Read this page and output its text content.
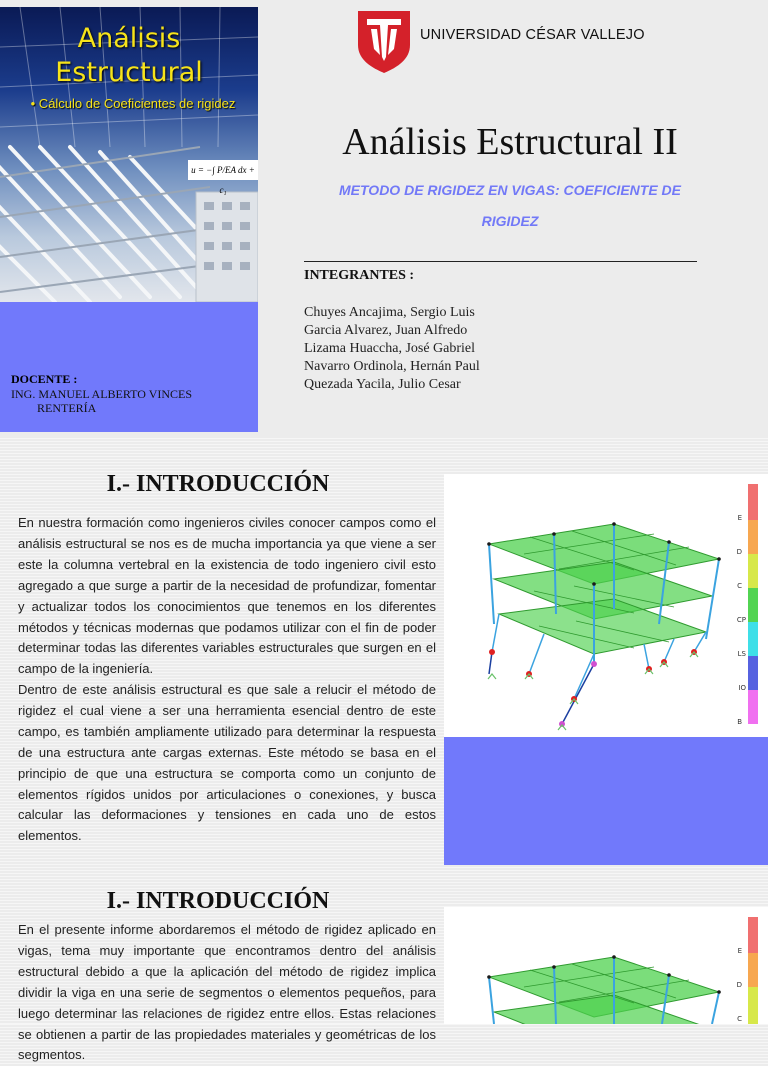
Análisis
Estructural
• Cálculo de Coeficientes de rigidez
u = −∫ P/EA dx + c₁
DOCENTE :
ING. MANUEL ALBERTO VINCES
RENTERÍA
UNIVERSIDAD CÉSAR VALLEJO
Análisis Estructural II
METODO DE RIGIDEZ EN VIGAS: COEFICIENTE DE RIGIDEZ
INTEGRANTES :
Chuyes Ancajima, Sergio Luis
Garcia Alvarez, Juan Alfredo
Lizama Huaccha, José Gabriel
Navarro Ordinola, Hernán Paul
Quezada Yacila, Julio Cesar
I.- INTRODUCCIÓN
En nuestra formación como ingenieros civiles conocer campos como el análisis estructural se nos es de mucha importancia ya que viene a ser este la columna vertebral en la existencia de todo ingeniero civil esto agregado a que surge a partir de la necesidad de profundizar, fomentar y actualizar todos los conocimientos que tenemos en los diferentes métodos y técnicas modernas que podamos utilizar con el fin de poder determinar todas las diferentes variables estructurales que surgen en el campo de la ingeniería.
Dentro de este análisis estructural es que sale a relucir el método de rigidez el cual viene a ser una herramienta esencial dentro de este campo, es también ampliamente utilizado para determinar la respuesta de una estructura ante cargas externas. Este método se basa en el principio de que una estructura se comporta como un conjunto de elementos rígidos unidos por articulaciones o conexiones, y busca calcular las deformaciones y tensiones en cada uno de estos elementos.
E
D
C
CP
LS
IO
B
I.- INTRODUCCIÓN
En el presente informe abordaremos el método de rigidez aplicado en vigas, tema muy importante que encontramos dentro del análisis estructural debido a que la aplicación del método de rigidez implica dividir la viga en una serie de segmentos o elementos pequeños, para luego determinar las relaciones de rigidez entre ellos. Estas relaciones se obtienen a partir de las propiedades materiales y geométricas de los segmentos.
E
D
C
